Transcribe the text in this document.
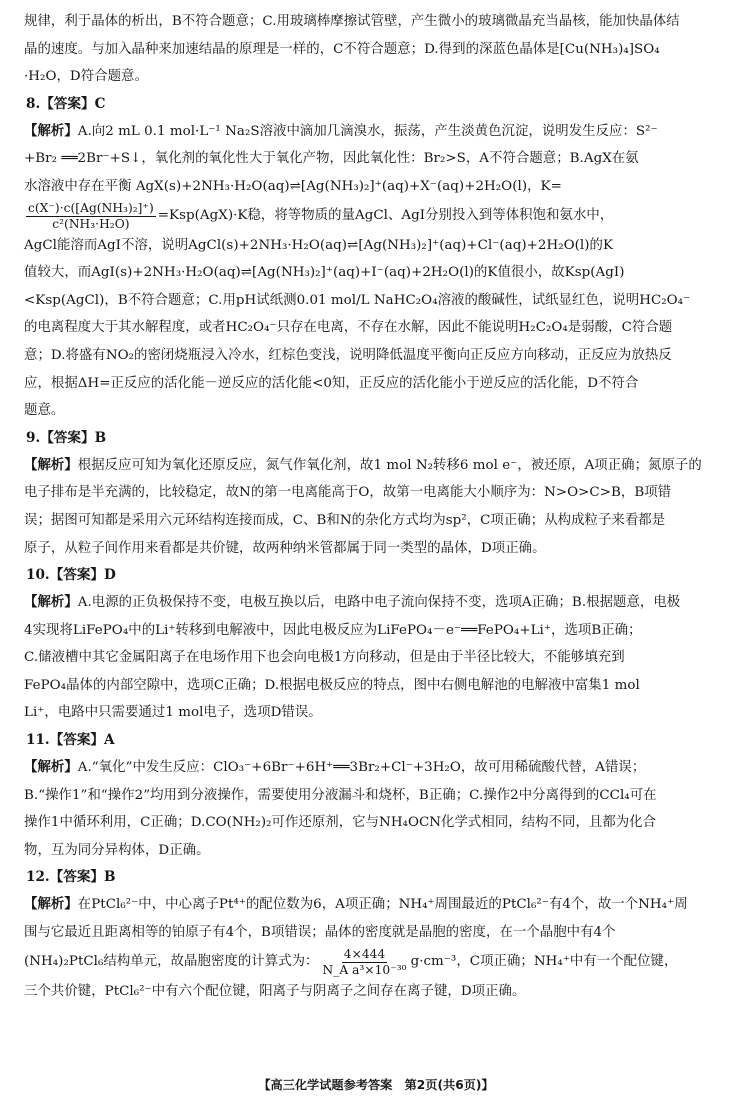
规律，利于晶体的析出，B不符合题意；C.用玻璃棒摩擦试管壁，产生微小的玻璃微晶充当晶核，能加快晶体结

晶的速度。与加入晶种来加速结晶的原理是一样的，C不符合题意；D.得到的深蓝色晶体是[Cu(NH₃)₄]SO₄

·H₂O，D符合题意。

8.【答案】C

【解析】A.向2 mL 0.1 mol·L⁻¹ Na₂S溶液中滴加几滴溴水，振荡，产生淡黄色沉淀，说明发生反应：S²⁻

+Br₂ ══2Br⁻+S↓，氧化剂的氧化性大于氧化产物，因此氧化性：Br₂>S，A不符合题意；B.AgX在氨

水溶液中存在平衡 AgX(s)+2NH₃·H₂O(aq)⇌[Ag(NH₃)₂]⁺(aq)+X⁻(aq)+2H₂O(l)，K=

$\frac{\text{c(X⁻)·c([Ag(NH₃)₂]⁺)}}{\text{c²(NH₃·H₂O)}} =Ksp(AgX)\cdot K$稳，将等物质的量AgCl、AgI分别投入到等体积饱和氨水中，

AgCl能溶而AgI不溶，说明AgCl(s)+2NH₃·H₂O(aq)⇌[Ag(NH₃)₂]⁺(aq)+Cl⁻(aq)+2H₂O(l)的K

值较大，而AgI(s)+2NH₃·H₂O(aq)⇌[Ag(NH₃)₂]⁺(aq)+I⁻(aq)+2H₂O(l)的K值很小，故Ksp(AgI)

<Ksp(AgCl)，B不符合题意；C.用pH试纸测0.01 mol/L NaHC₂O₄溶液的酸碱性，试纸显红色，说明HC₂O₄⁻

的电离程度大于其水解程度，或者HC₂O₄⁻只存在电离，不存在水解，因此不能说明H₂C₂O₄是弱酸，C符合题

意；D.将盛有NO₂的密闭烧瓶浸入冷水，红棕色变浅，说明降低温度平衡向正反应方向移动，正反应为放热反

应，根据ΔH=正反应的活化能－逆反应的活化能<0知，正反应的活化能小于逆反应的活化能，D不符合

题意。

9.【答案】B

【解析】根据反应可知为氧化还原反应，氮气作氧化剂，故1 mol N₂转移6 mol e⁻，被还原，A项正确；氮原子的

电子排布是半充满的，比较稳定，故N的第一电离能高于O，故第一电离能大小顺序为：N>O>C>B，B项错

误；据图可知都是采用六元环结构连接而成，C、B和N的杂化方式均为sp²，C项正确；从构成粒子来看都是

原子，从粒子间作用来看都是共价键，故两种纳米管都属于同一类型的晶体，D项正确。

10.【答案】D

【解析】A.电源的正负极保持不变，电极互换以后，电路中电子流向保持不变，选项A正确；B.根据题意，电极

4实现将LiFePO₄中的Li⁺转移到电解液中，因此电极反应为LiFePO₄－e⁻══FePO₄+Li⁺，选项B正确；

C.储液槽中其它金属阳离子在电场作用下也会向电极1方向移动，但是由于半径比较大，不能够填充到

FePO₄晶体的内部空隙中，选项C正确；D.根据电极反应的特点，图中右侧电解池的电解液中富集1 mol

Li⁺，电路中只需要通过1 mol电子，选项D错误。

11.【答案】A

【解析】A.“氧化”中发生反应：ClO₃⁻+6Br⁻+6H⁺══3Br₂+Cl⁻+3H₂O，故可用稀硫酸代替，A错误；

B.“操作1”和“操作2”均用到分液操作，需要使用分液漏斗和烧杯，B正确；C.操作2中分离得到的CCl₄可在

操作1中循环利用，C正确；D.CO(NH₂)₂可作还原剂，它与NH₄OCN化学式相同，结构不同，且都为化合

物，互为同分异构体，D正确。

12.【答案】B

【解析】在PtCl₆²⁻中，中心离子Pt⁴⁺的配位数为6，A项正确；NH₄⁺周围最近的PtCl₆²⁻有4个，故一个NH₄⁺周

围与它最近且距离相等的铂原子有4个，B项错误；晶体的密度就是晶胞的密度，在一个晶胞中有4个

(NH₄)₂PtCl₆结构单元，故晶胞密度的计算式为： $\frac{4\times 444}{\text{N\_A a³×10⁻³⁰}} g\cdot cm^{-3}$，C项正确；NH₄⁺中有一个配位键，

三个共价键，PtCl₆²⁻中有六个配位键，阳离子与阴离子之间存在离子键，D项正确。

【高三化学试题参考答案 第2页(共6页)】
